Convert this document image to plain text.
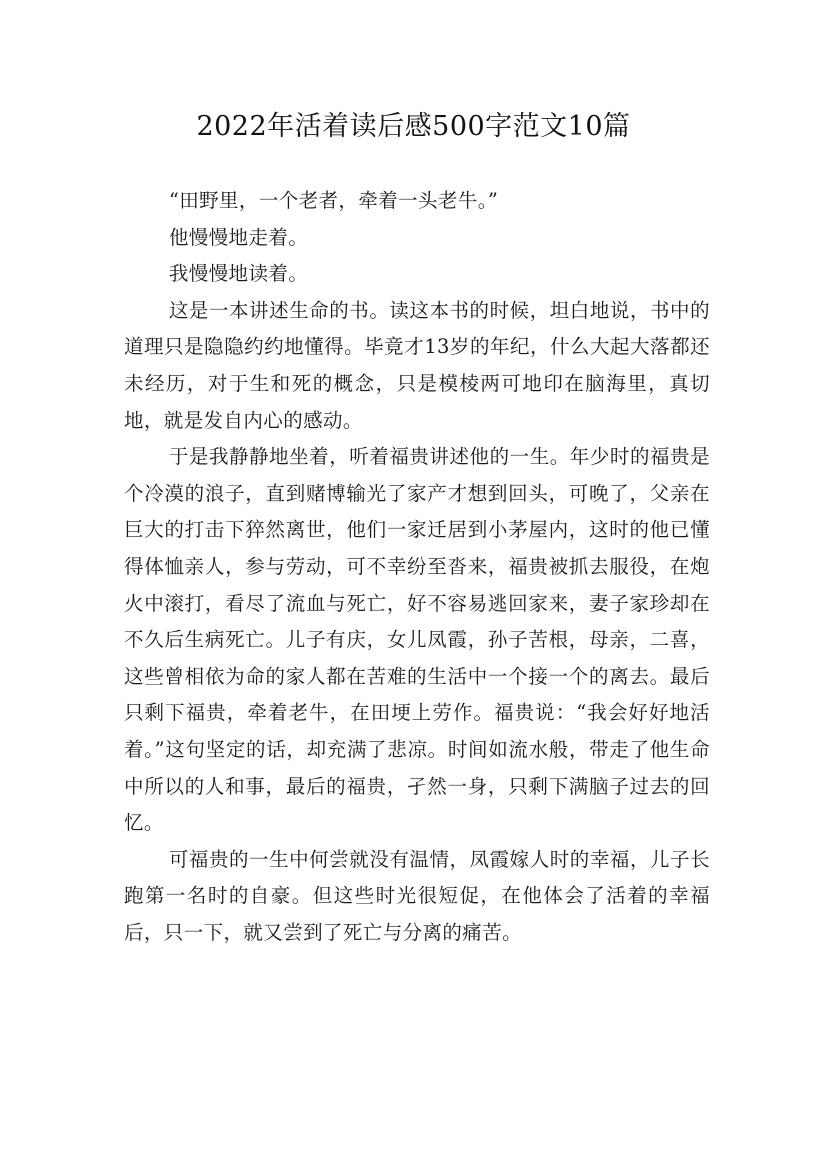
2022年活着读后感500字范文10篇

“田野里，一个老者，牵着一头老牛。”

他慢慢地走着。

我慢慢地读着。

这是一本讲述生命的书。读这本书的时候，坦白地说，书中的道理只是隐隐约约地懂得。毕竟才13岁的年纪，什么大起大落都还未经历，对于生和死的概念，只是模棱两可地印在脑海里，真切地，就是发自内心的感动。

于是我静静地坐着，听着福贵讲述他的一生。年少时的福贵是个冷漠的浪子，直到赌博输光了家产才想到回头，可晚了，父亲在巨大的打击下猝然离世，他们一家迁居到小茅屋内，这时的他已懂得体恤亲人，参与劳动，可不幸纷至沓来，福贵被抓去服役，在炮火中滚打，看尽了流血与死亡，好不容易逃回家来，妻子家珍却在不久后生病死亡。儿子有庆，女儿凤霞，孙子苦根，母亲，二喜，这些曾相依为命的家人都在苦难的生活中一个接一个的离去。最后只剩下福贵，牵着老牛，在田埂上劳作。福贵说：“我会好好地活着。”这句坚定的话，却充满了悲凉。时间如流水般，带走了他生命中所以的人和事，最后的福贵，孑然一身，只剩下满脑子过去的回忆。

可福贵的一生中何尝就没有温情，凤霞嫁人时的幸福，儿子长跑第一名时的自豪。但这些时光很短促，在他体会了活着的幸福后，只一下，就又尝到了死亡与分离的痛苦。
